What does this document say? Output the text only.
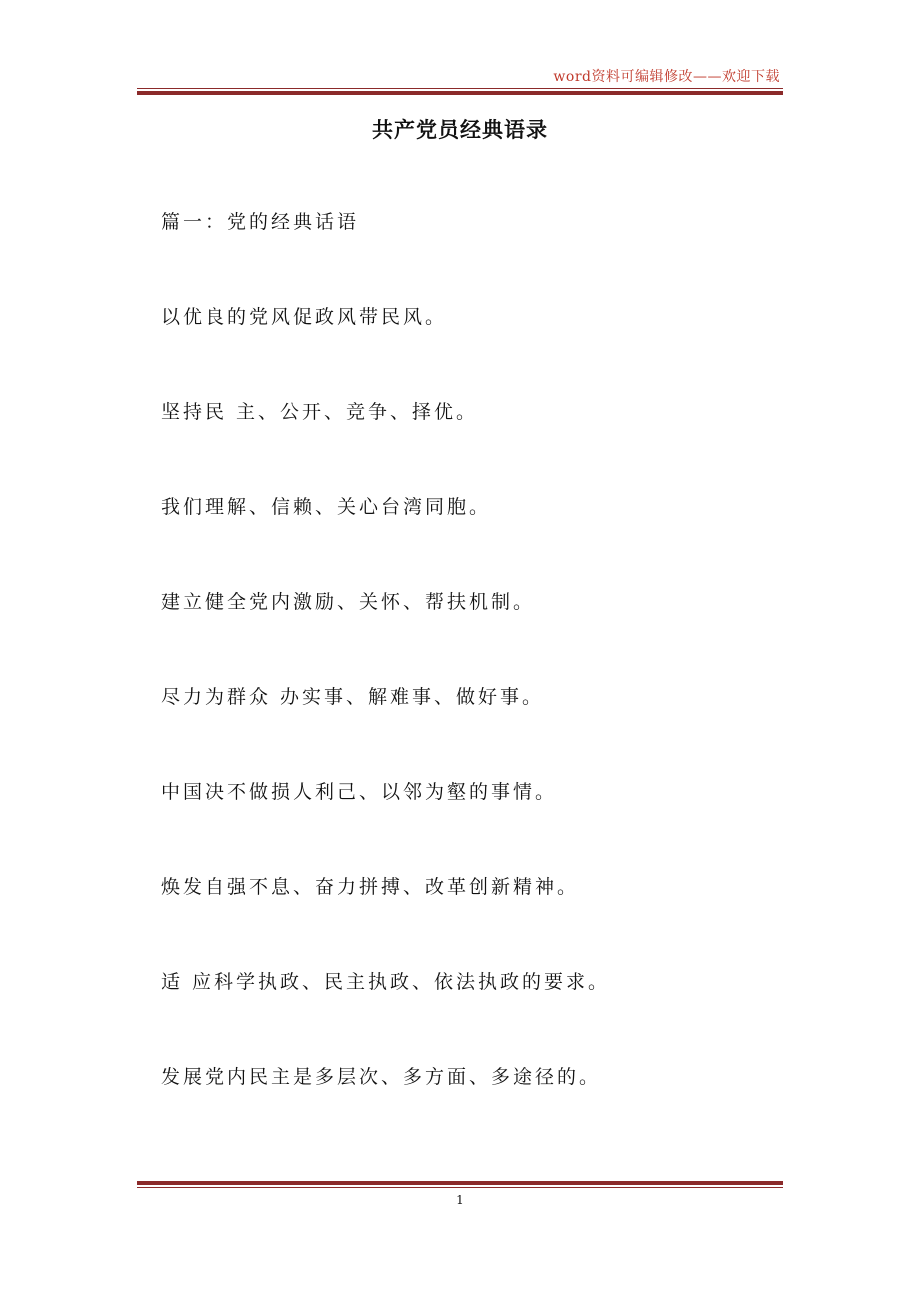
word资料可编辑修改——欢迎下载
共产党员经典语录
篇一：党的经典话语
以优良的党风促政风带民风。
坚持民 主、公开、竞争、择优。
我们理解、信赖、关心台湾同胞。
建立健全党内激励、关怀、帮扶机制。
尽力为群众 办实事、解难事、做好事。
中国决不做损人利己、以邻为壑的事情。
焕发自强不息、奋力拼搏、改革创新精神。
适 应科学执政、民主执政、依法执政的要求。
发展党内民主是多层次、多方面、多途径的。
1
